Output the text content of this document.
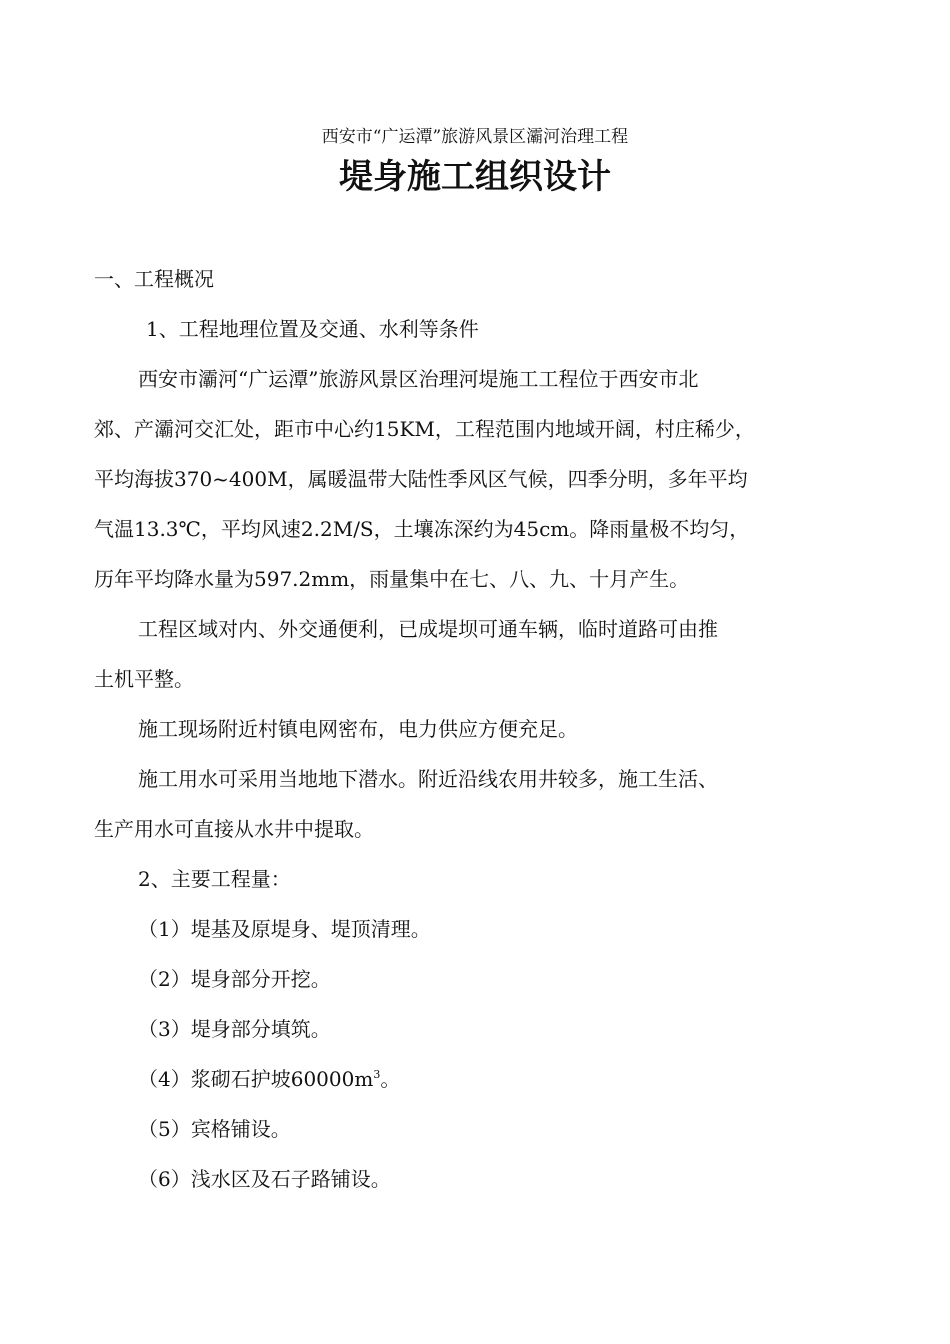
西安市“广运潭”旅游风景区灞河治理工程
堤身施工组织设计

一、工程概况

1、工程地理位置及交通、水利等条件

西安市灞河“广运潭”旅游风景区治理河堤施工工程位于西安市北

郊、产灞河交汇处，距市中心约15KM，工程范围内地域开阔，村庄稀少，

平均海拔370~400M，属暖温带大陆性季风区气候，四季分明，多年平均

气温13.3℃，平均风速2.2M/S，土壤冻深约为45cm。降雨量极不均匀，

历年平均降水量为597.2mm，雨量集中在七、八、九、十月产生。

工程区域对内、外交通便利，已成堤坝可通车辆，临时道路可由推

土机平整。

施工现场附近村镇电网密布，电力供应方便充足。

施工用水可采用当地地下潜水。附近沿线农用井较多，施工生活、

生产用水可直接从水井中提取。

2、主要工程量：

（1）堤基及原堤身、堤顶清理。

（2）堤身部分开挖。

（3）堤身部分填筑。

（4）浆砌石护坡$60000m^3$。

（5）宾格铺设。

（6）浅水区及石子路铺设。
